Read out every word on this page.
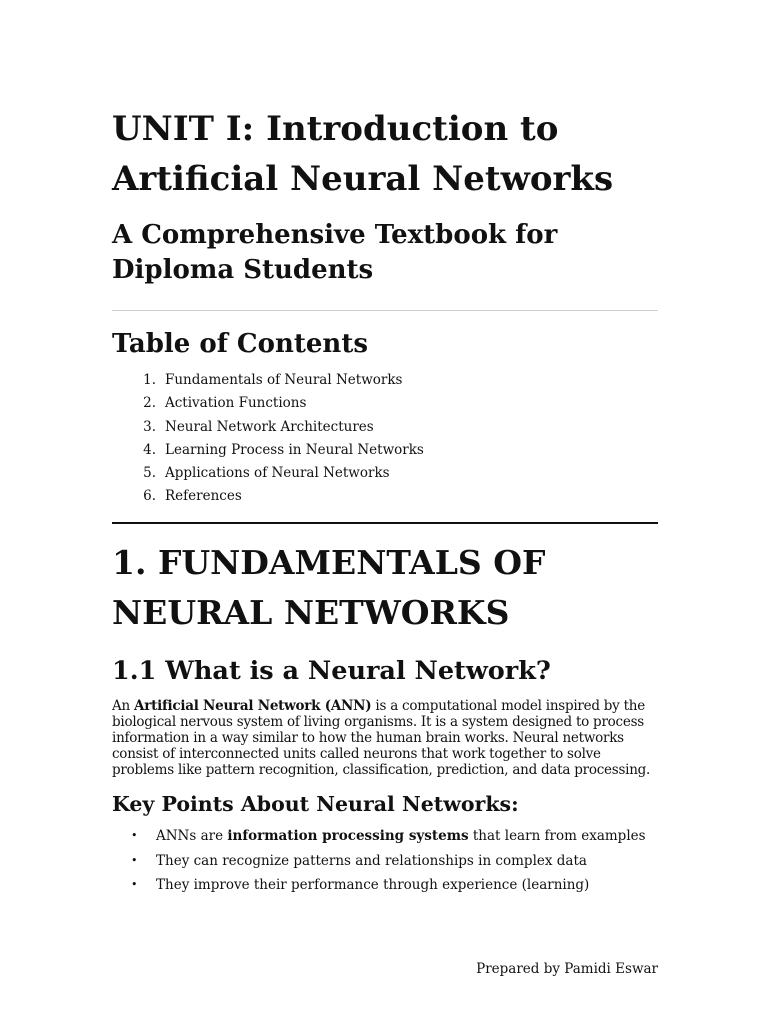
UNIT I: Introduction to Artificial Neural Networks
A Comprehensive Textbook for Diploma Students
Table of Contents
1. Fundamentals of Neural Networks
2. Activation Functions
3. Neural Network Architectures
4. Learning Process in Neural Networks
5. Applications of Neural Networks
6. References
1. FUNDAMENTALS OF NEURAL NETWORKS
1.1 What is a Neural Network?

An Artificial Neural Network (ANN) is a computational model inspired by the biological nervous system of living organisms. It is a system designed to process information in a way similar to how the human brain works. Neural networks consist of interconnected units called neurons that work together to solve problems like pattern recognition, classification, prediction, and data processing.

Key Points About Neural Networks:
•	ANNs are information processing systems that learn from examples
•	They can recognize patterns and relationships in complex data
•	They improve their performance through experience (learning)

Prepared by Pamidi Eswar
